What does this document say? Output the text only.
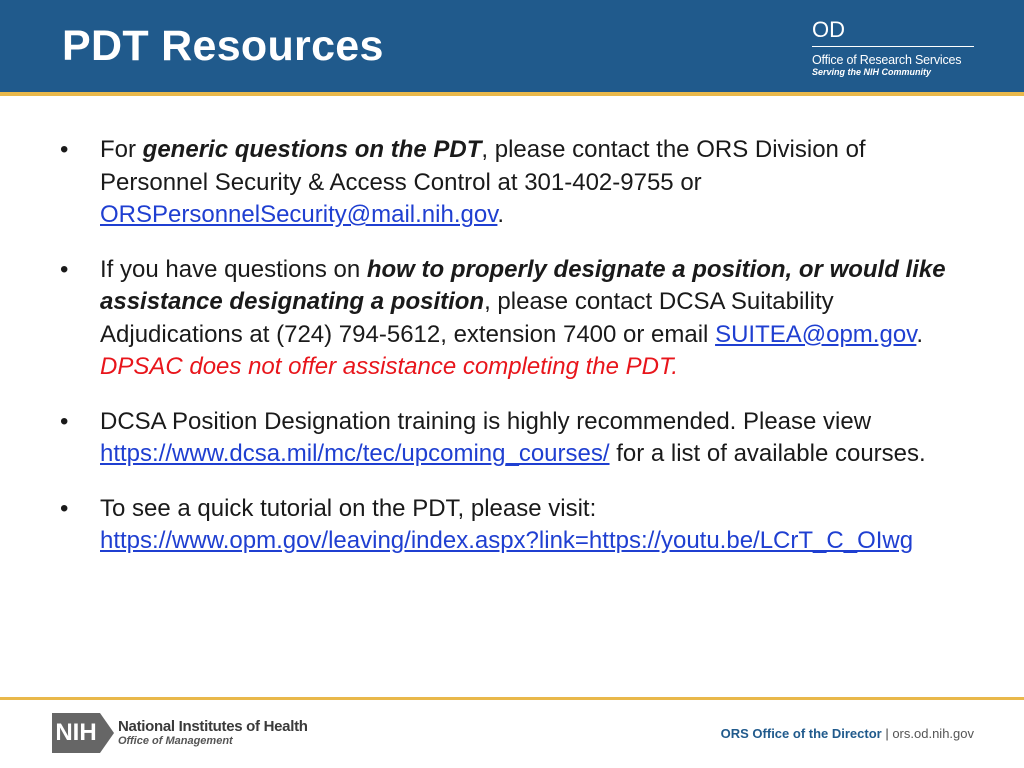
PDT Resources	OD
Office of Research Services
Serving the NIH Community
• For generic questions on the PDT, please contact the ORS Division of Personnel Security & Access Control at 301-402-9755 or ORSPersonnelSecurity@mail.nih.gov.
• If you have questions on how to properly designate a position, or would like assistance designating a position, please contact DCSA Suitability Adjudications at (724) 794-5612, extension 7400 or email SUITEA@opm.gov. DPSAC does not offer assistance completing the PDT.
• DCSA Position Designation training is highly recommended. Please view https://www.dcsa.mil/mc/tec/upcoming_courses/ for a list of available courses.
• To see a quick tutorial on the PDT, please visit:
https://www.opm.gov/leaving/index.aspx?link=https://youtu.be/LCrT_C_OIwg
NIH National Institutes of Health
Office of Management	ORS Office of the Director | ors.od.nih.gov
